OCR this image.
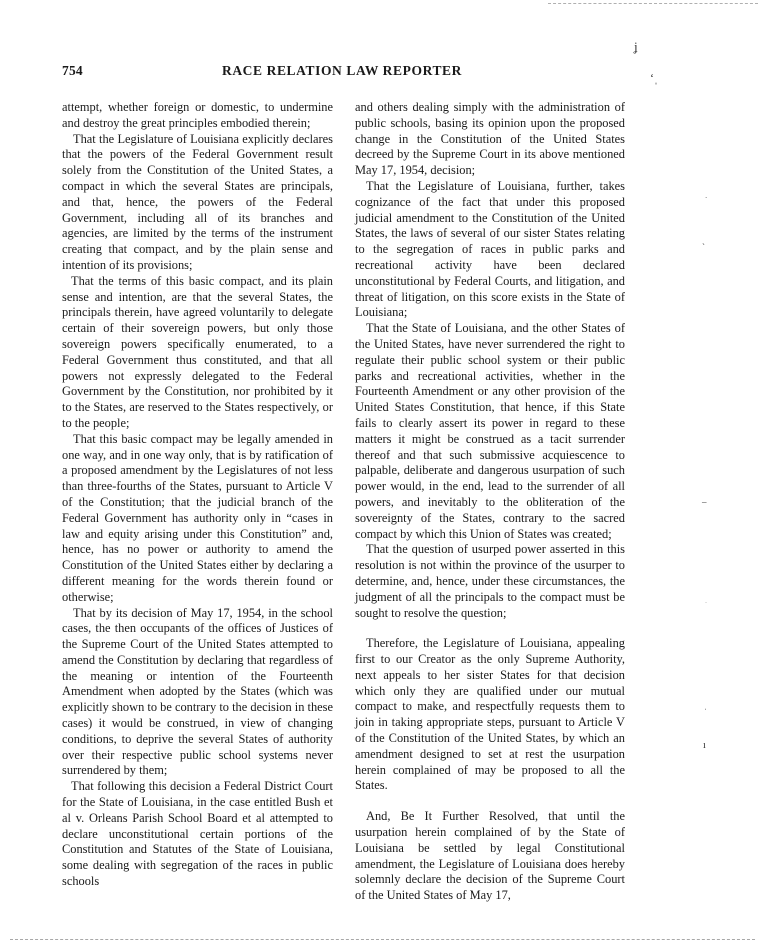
754	RACE RELATION LAW REPORTER
ʝ
ʻˌ
ˑ
ˏ
–
˙
ˌ
ı

attempt, whether foreign or domestic, to undermine and destroy the great principles embodied therein;

That the Legislature of Louisiana explicitly declares that the powers of the Federal Government result solely from the Constitution of the United States, a compact in which the several States are principals, and that, hence, the powers of the Federal Government, including all of its branches and agencies, are limited by the terms of the instrument creating that compact, and by the plain sense and intention of its provisions;

That the terms of this basic compact, and its plain sense and intention, are that the several States, the principals therein, have agreed voluntarily to delegate certain of their sovereign powers, but only those sovereign powers specifically enumerated, to a Federal Government thus constituted, and that all powers not expressly delegated to the Federal Government by the Constitution, nor prohibited by it to the States, are reserved to the States respectively, or to the people;

That this basic compact may be legally amended in one way, and in one way only, that is by ratification of a proposed amendment by the Legislatures of not less than three-fourths of the States, pursuant to Article V of the Constitution; that the judicial branch of the Federal Government has authority only in “cases in law and equity arising under this Constitution” and, hence, has no power or authority to amend the Constitution of the United States either by declaring a different meaning for the words therein found or otherwise;

That by its decision of May 17, 1954, in the school cases, the then occupants of the offices of Justices of the Supreme Court of the United States attempted to amend the Constitution by declaring that regardless of the meaning or intention of the Fourteenth Amendment when adopted by the States (which was explicitly shown to be contrary to the decision in these cases) it would be construed, in view of changing conditions, to deprive the several States of authority over their respective public school systems never surrendered by them;

That following this decision a Federal District Court for the State of Louisiana, in the case entitled Bush et al v. Orleans Parish School Board et al attempted to declare unconstitutional certain portions of the Constitution and Statutes of the State of Louisiana, some dealing with segregation of the races in public schools

and others dealing simply with the administration of public schools, basing its opinion upon the proposed change in the Constitution of the United States decreed by the Supreme Court in its above mentioned May 17, 1954, decision;

That the Legislature of Louisiana, further, takes cognizance of the fact that under this proposed judicial amendment to the Constitution of the United States, the laws of several of our sister States relating to the segregation of races in public parks and recreational activity have been declared unconstitutional by Federal Courts, and litigation, and threat of litigation, on this score exists in the State of Louisiana;

That the State of Louisiana, and the other States of the United States, have never surrendered the right to regulate their public school system or their public parks and recreational activities, whether in the Fourteenth Amendment or any other provision of the United States Constitution, that hence, if this State fails to clearly assert its power in regard to these matters it might be construed as a tacit surrender thereof and that such submissive acquiescence to palpable, deliberate and dangerous usurpation of such power would, in the end, lead to the surrender of all powers, and inevitably to the obliteration of the sovereignty of the States, contrary to the sacred compact by which this Union of States was created;

That the question of usurped power asserted in this resolution is not within the province of the usurper to determine, and, hence, under these circumstances, the judgment of all the principals to the compact must be sought to resolve the question;

Therefore, the Legislature of Louisiana, appealing first to our Creator as the only Supreme Authority, next appeals to her sister States for that decision which only they are qualified under our mutual compact to make, and respectfully requests them to join in taking appropriate steps, pursuant to Article V of the Constitution of the United States, by which an amendment designed to set at rest the usurpation herein complained of may be proposed to all the States.

And, Be It Further Resolved, that until the usurpation herein complained of by the State of Louisiana be settled by legal Constitutional amendment, the Legislature of Louisiana does hereby solemnly declare the decision of the Supreme Court of the United States of May 17,
